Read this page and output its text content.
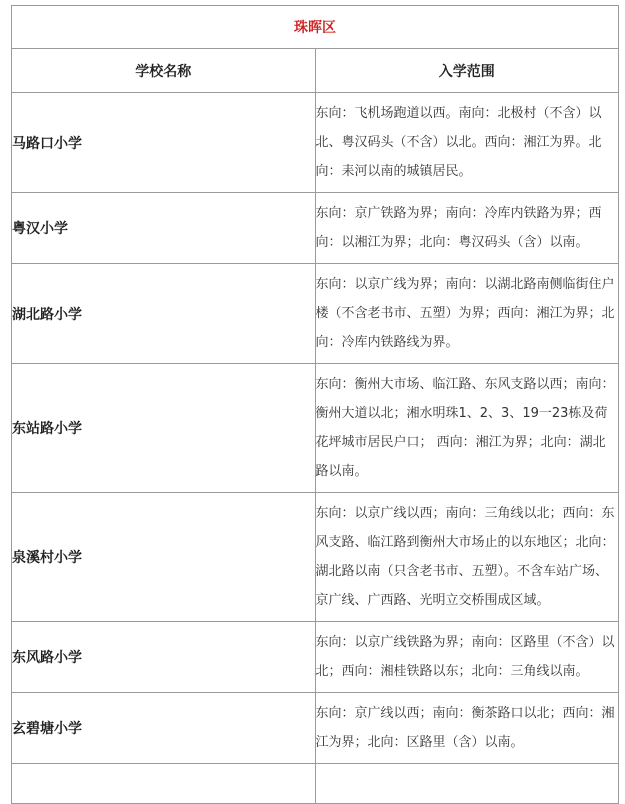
珠晖区	
学校名称	入学范围
马路口小学	东向：飞机场跑道以西。南向：北极村（不含）以北、粤汉码头（不含）以北。西向：湘江为界。北向：耒河以南的城镇居民。

粤汉小学	东向：京广铁路为界；南向：冷库内铁路为界；西向：以湘江为界；北向：粤汉码头（含）以南。

湖北路小学	东向：以京广线为界；南向：以湖北路南侧临街住户楼（不含老书市、五塑）为界；西向：湘江为界；北向：冷库内铁路线为界。

东站路小学	东向：衡州大市场、临江路、东风支路以西；南向：衡州大道以北；湘水明珠1、2、3、19一23栋及荷花坪城市居民户口； 西向：湘江为界；北向：湖北路以南。

泉溪村小学	东向：以京广线以西；南向：三角线以北；西向：东风支路、临江路到衡州大市场止的以东地区；北向：湖北路以南（只含老书市、五塑）。不含车站广场、京广线、广西路、光明立交桥围成区域。

东风路小学	东向：以京广线铁路为界；南向：区路里（不含）以北；西向：湘桂铁路以东；北向：三角线以南。

玄碧塘小学	东向：京广线以西；南向：衡茶路口以北；西向：湘江为界；北向：区路里（含）以南。
